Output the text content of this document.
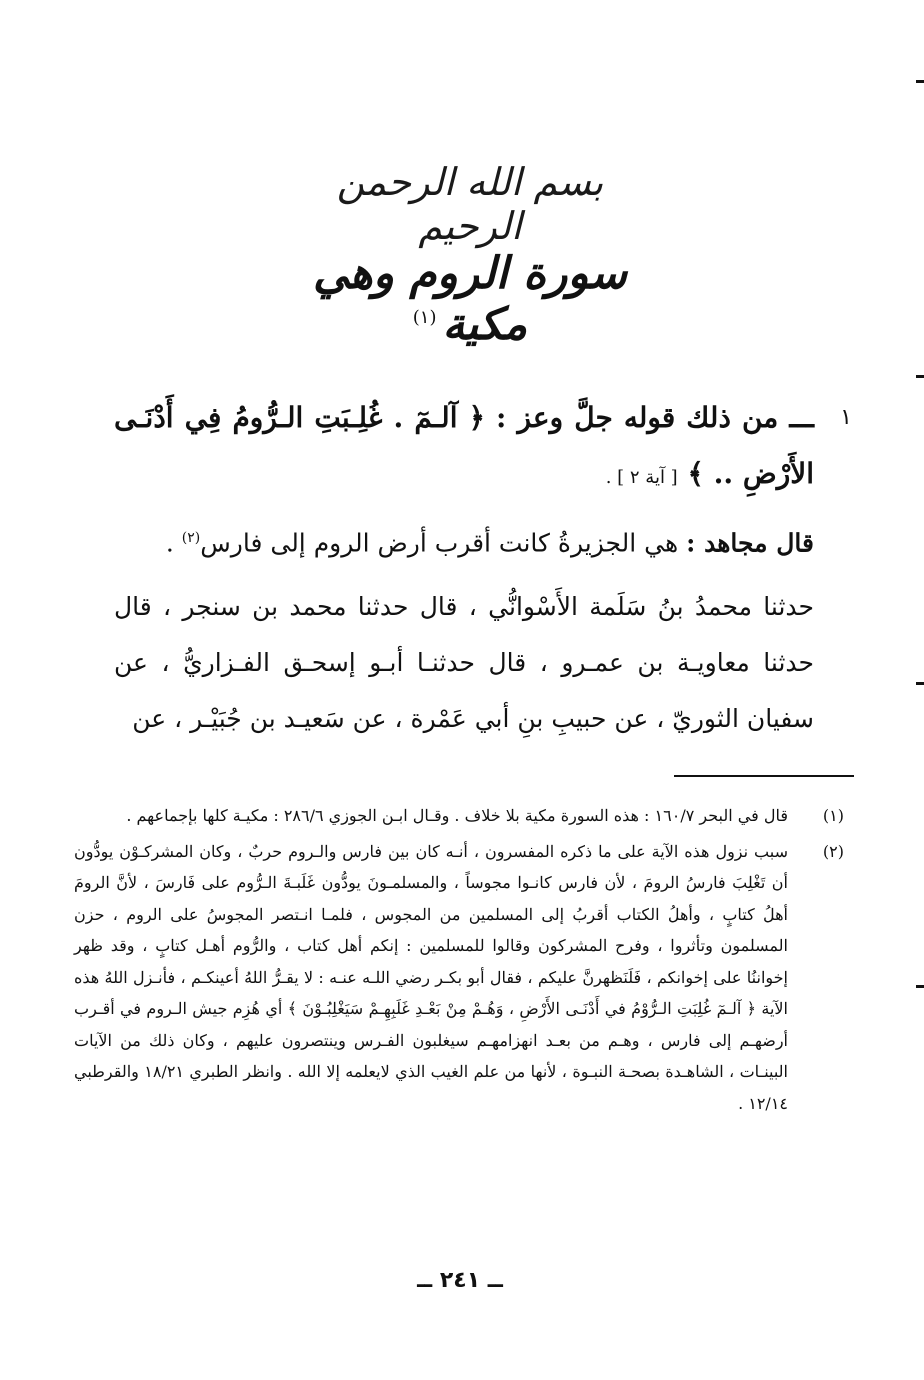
بسم الله الرحمن الرحيم
سورة الروم وهي مكية$^{(١)}$
١

ـــ من ذلك قوله جلَّ وعز : ﴿ آلـمٓ . غُلِـبَتِ الـرُّومُ فِي أَدْنَـى الأَرْضِ .. ﴾ [ آية ٢ ] .

قال مجاهد : هي الجزيرةُ كانت أقرب أرض الروم إلى فارس$^{(٢)}$ .

حدثنا محمدُ بنُ سَلَمة الأَسْوانُّي ، قال حدثنا محمد بن سنجر ، قال حدثنا معاويـة بن عمـرو ، قال حدثنـا أبـو إسحـق الفـزاريُّ ، عن سفيان الثوريّ ، عن حبيبِ بنِ أبي عَمْرة ، عن سَعيـد بن جُبَيْـر ، عن

(١)
قال في البحر ١٦٠/٧ : هذه السورة مكية بلا خلاف . وقـال ابـن الجوزي ٢٨٦/٦ : مكيـة كلها بإجماعهم .
(٢)
سبب نزول هذه الآية على ما ذكره المفسرون ، أنـه كان بين فارس والـروم حربٌ ، وكان المشركـوْن يودُّون أن تَغْلِبَ فارسُ الرومَ ، لأن فارس كانـوا مجوساً ، والمسلمـونَ يودُّون غَلَبـةَ الـرُّوم على فَارسَ ، لأنَّ الرومَ أهلُ كتابٍ ، وأهلُ الكتاب أقربُ إلى المسلمين من المجوس ، فلمـا انـتصر المجوسُ على الروم ، حزن المسلمون وتأثروا ، وفرح المشركون وقالوا للمسلمين : إنكم أهل كتاب ، والرُّوم أهـل كتابٍ ، وقد ظهر إخواننُا على إخوانكم ، فَلَنَظهرنَّ عليكم ، فقال أبو بكـر رضي اللـه عنـه : لا يقـرُّ اللهُ أعينكـم ، فأنـزل اللهُ هذه الآية ﴿ آلـمٓ غُلِبَتِ الـرُّوْمُ في أَدْنَـى الأَرْضِ ، وَهُـمْ مِنْ بَعْـدِ غَلَبِهِـمْ سَيَغْلِبُـوْنَ ﴾ أي هُزِم جيش الـروم في أقـرب أرضهـم إلى فارس ، وهـم من بعـد انهزامهـم سيغلبون الفـرس وينتصرون عليهم ، وكان ذلك من الآيات البينـات ، الشاهـدة بصحـة النبـوة ، لأنها من علم الغيب الذي لايعلمه إلا الله . وانظر الطبري ١٨/٢١ والقرطبي ١٢/١٤ .
ــ ٢٤١ ــ
